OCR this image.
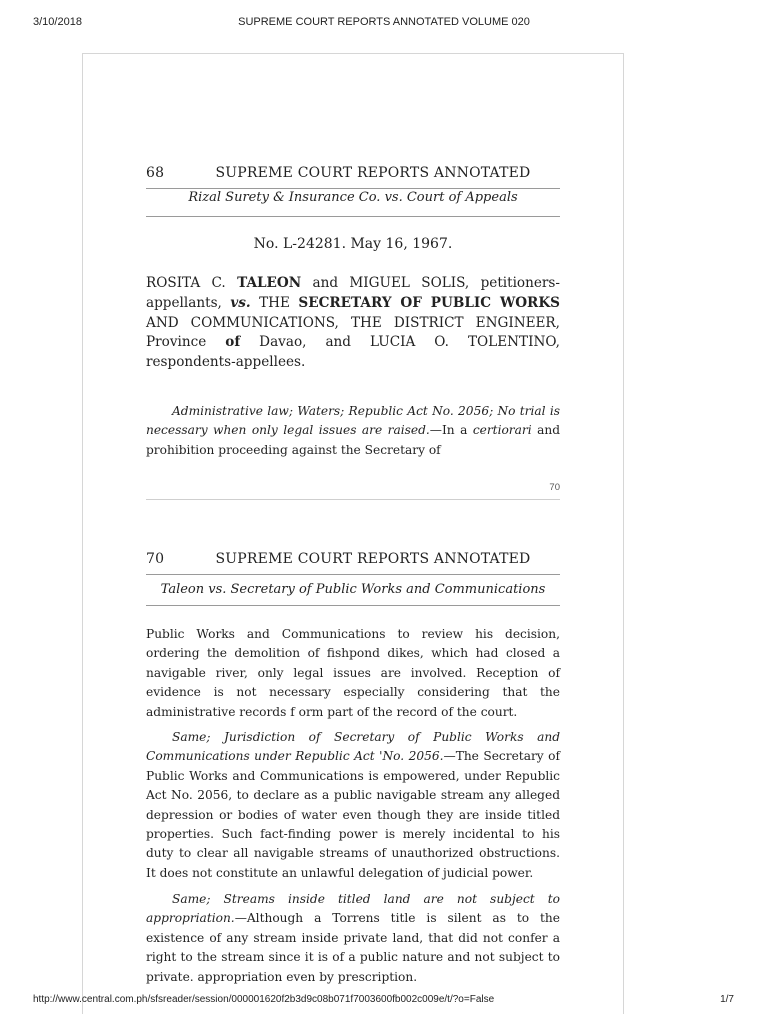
3/10/2018	SUPREME COURT REPORTS ANNOTATED VOLUME 020
68	SUPREME COURT REPORTS ANNOTATED
Rizal Surety & Insurance Co. vs. Court of Appeals
No. L-24281. May 16, 1967.
ROSITA C. TALEON and MIGUEL SOLIS, petitioners-appellants, vs. THE SECRETARY OF PUBLIC WORKS AND COMMUNICATIONS, THE DISTRICT ENGINEER, Province of Davao, and LUCIA O. TOLENTINO, respondents-appellees.
Administrative law; Waters; Republic Act No. 2056; No trial is necessary when only legal issues are raised.—In a certiorari and prohibition proceeding against the Secretary of
70
70	SUPREME COURT REPORTS ANNOTATED
Taleon vs. Secretary of Public Works and Communications
Public Works and Communications to review his decision, ordering the demolition of fishpond dikes, which had closed a navigable river, only legal issues are involved. Reception of evidence is not necessary especially considering that the administrative records f orm part of the record of the court.
Same; Jurisdiction of Secretary of Public Works and Communications under Republic Act 'No. 2056.—The Secretary of Public Works and Communications is empowered, under Republic Act No. 2056, to declare as a public navigable stream any alleged depression or bodies of water even though they are inside titled properties. Such fact-finding power is merely incidental to his duty to clear all navigable streams of unauthorized obstructions. It does not constitute an unlawful delegation of judicial power.
Same; Streams inside titled land are not subject to appropriation.—Although a Torrens title is silent as to the existence of any stream inside private land, that did not confer a right to the stream since it is of a public nature and not subject to private. appropriation even by prescription.
http://www.central.com.ph/sfsreader/session/000001620f2b3d9c08b071f7003600fb002c009e/t/?o=False	1/7
